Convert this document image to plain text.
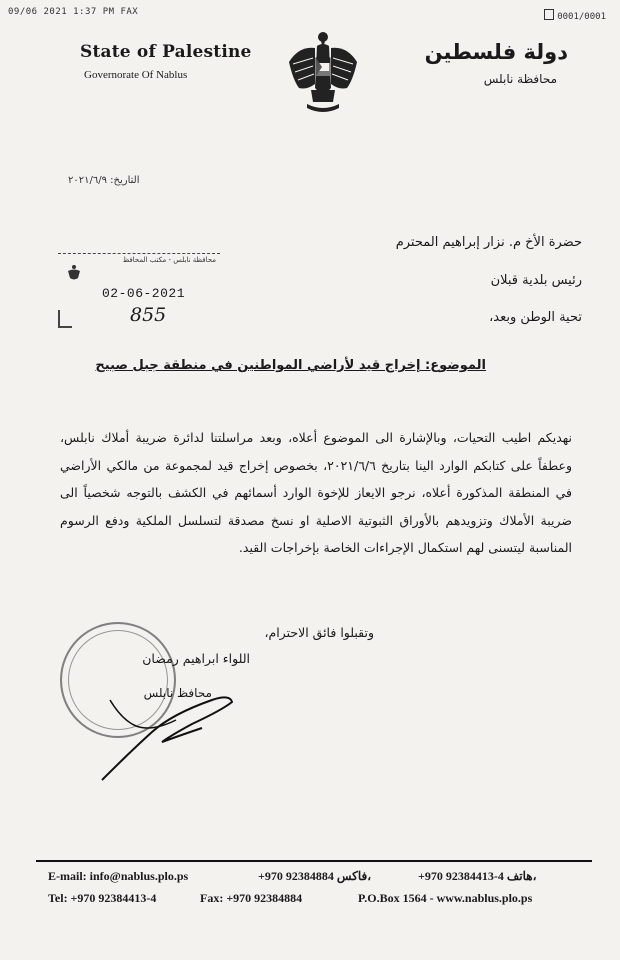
09/06 2021 1:37 PM FAX	0001/0001
State of Palestine
Governorate Of Nablus
دولة فلسطين
محافظة نابلس
التاريخ: ٢٠٢١/٦/٩
حضرة الأخ م. نزار إبراهيم المحترم
رئيس بلدية قبلان
تحية الوطن وبعد،
محافظة نابلس - مكتب المحافظ
02-06-2021
855
الموضوع: إخراج قيد لأراضي المواطنين في منطقة جبل صبيح

نهديكم اطيب التحيات، وبالإشارة الى الموضوع أعلاه، وبعد مراسلتنا لدائرة ضريبة أملاك نابلس، وعطفاً على كتابكم الوارد الينا بتاريخ ٢٠٢١/٦/٦، بخصوص إخراج قيد لمجموعة من مالكي الأراضي في المنطقة المذكورة أعلاه، نرجو الايعاز للإخوة الوارد أسمائهم في الكشف بالتوجه شخصياً الى ضريبة الأملاك وتزويدهم بالأوراق الثبوتية الاصلية او نسخ مصدقة لتسلسل الملكية ودفع الرسوم المناسبة ليتسنى لهم استكمال الإجراءات الخاصة بإخراجات القيد.

وتقبلوا فائق الاحترام،
اللواء ابراهيم رمضان
محافظ نابلس
E-mail: info@nablus.plo.ps	+970 92384884 فاكس،	+970 92384413-4 هاتف،
Tel: +970 92384413-4	Fax: +970 92384884	P.O.Box 1564 - www.nablus.plo.ps
